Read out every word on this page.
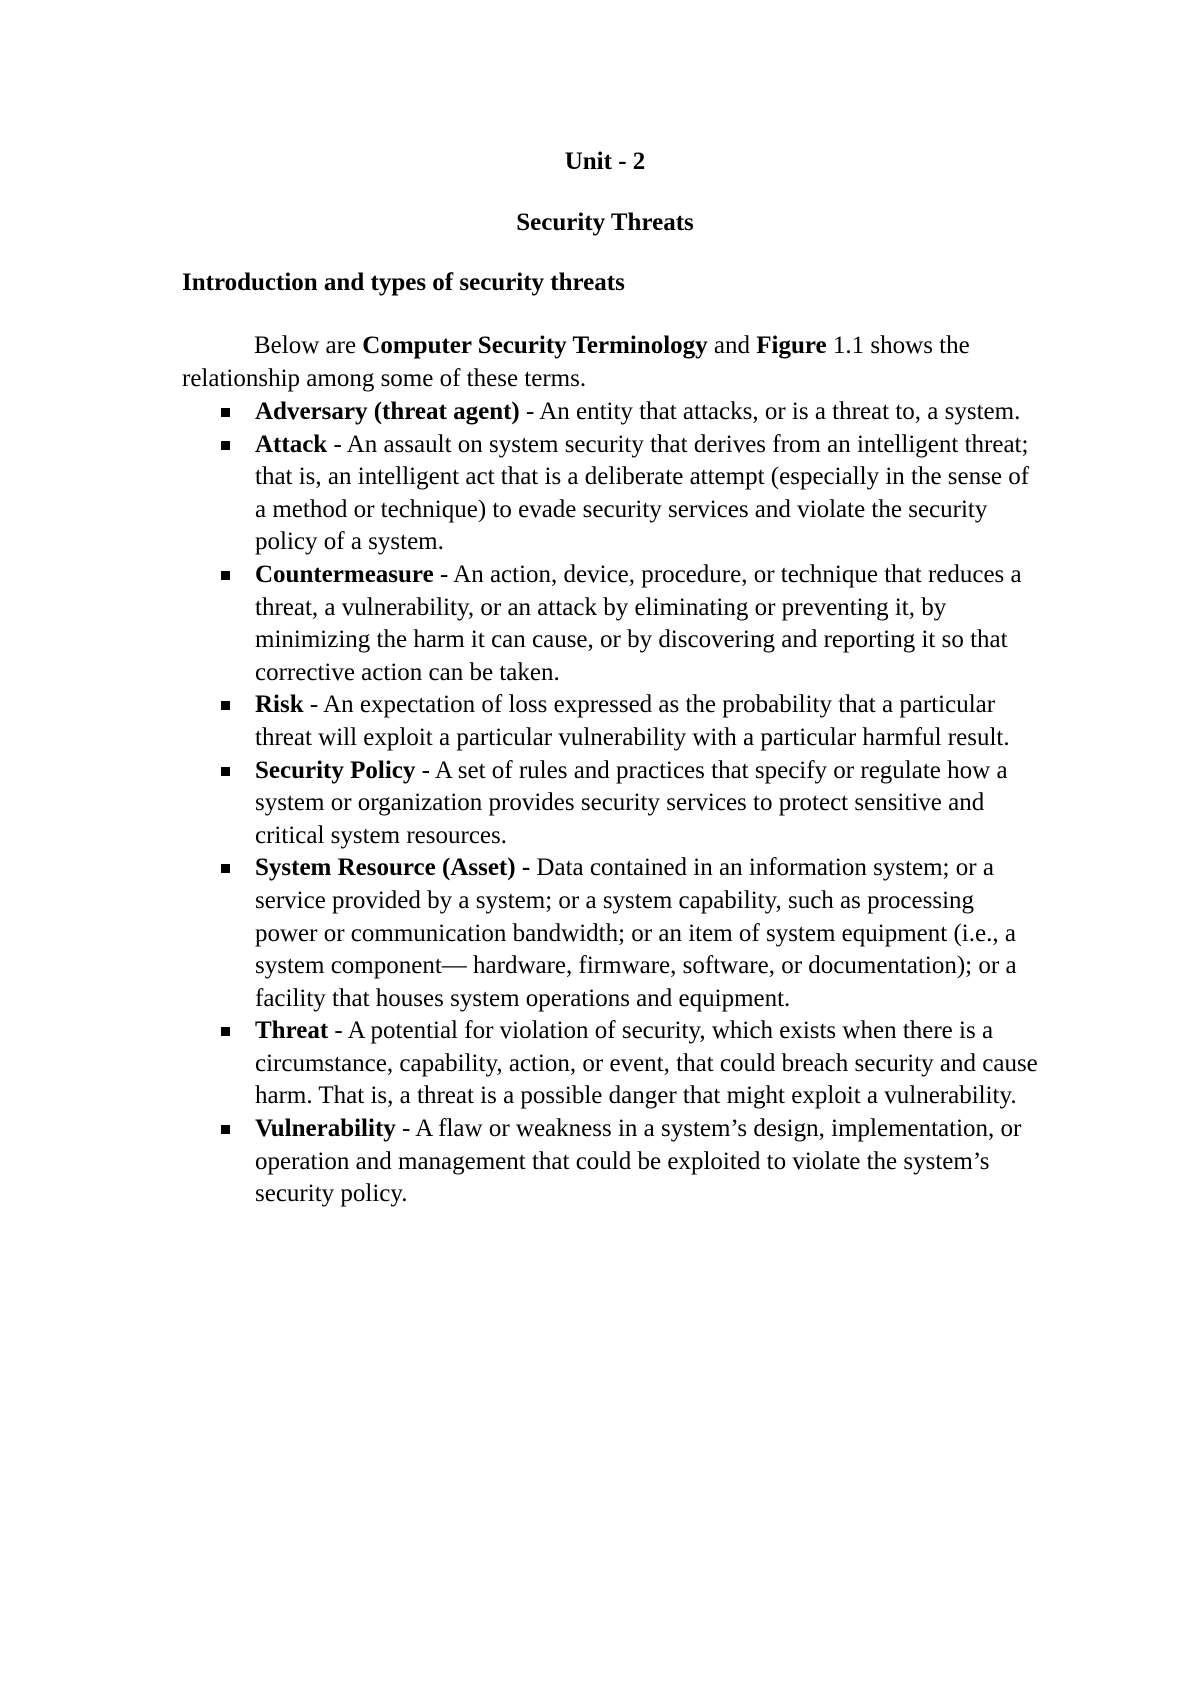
Unit - 2
Security Threats
Introduction and types of security threats

Below are Computer Security Terminology and Figure 1.1 shows the relationship among some of these terms.

Adversary (threat agent) - An entity that attacks, or is a threat to, a system.
Attack - An assault on system security that derives from an intelligent threat; that is, an intelligent act that is a deliberate attempt (especially in the sense of a method or technique) to evade security services and violate the security policy of a system.
Countermeasure - An action, device, procedure, or technique that reduces a threat, a vulnerability, or an attack by eliminating or preventing it, by minimizing the harm it can cause, or by discovering and reporting it so that corrective action can be taken.
Risk - An expectation of loss expressed as the probability that a particular threat will exploit a particular vulnerability with a particular harmful result.
Security Policy - A set of rules and practices that specify or regulate how a system or organization provides security services to protect sensitive and critical system resources.
System Resource (Asset) - Data contained in an information system; or a service provided by a system; or a system capability, such as processing power or communication bandwidth; or an item of system equipment (i.e., a system component— hardware, firmware, software, or documentation); or a facility that houses system operations and equipment.
Threat - A potential for violation of security, which exists when there is a circumstance, capability, action, or event, that could breach security and cause harm. That is, a threat is a possible danger that might exploit a vulnerability.
Vulnerability - A flaw or weakness in a system’s design, implementation, or operation and management that could be exploited to violate the system’s security policy.
